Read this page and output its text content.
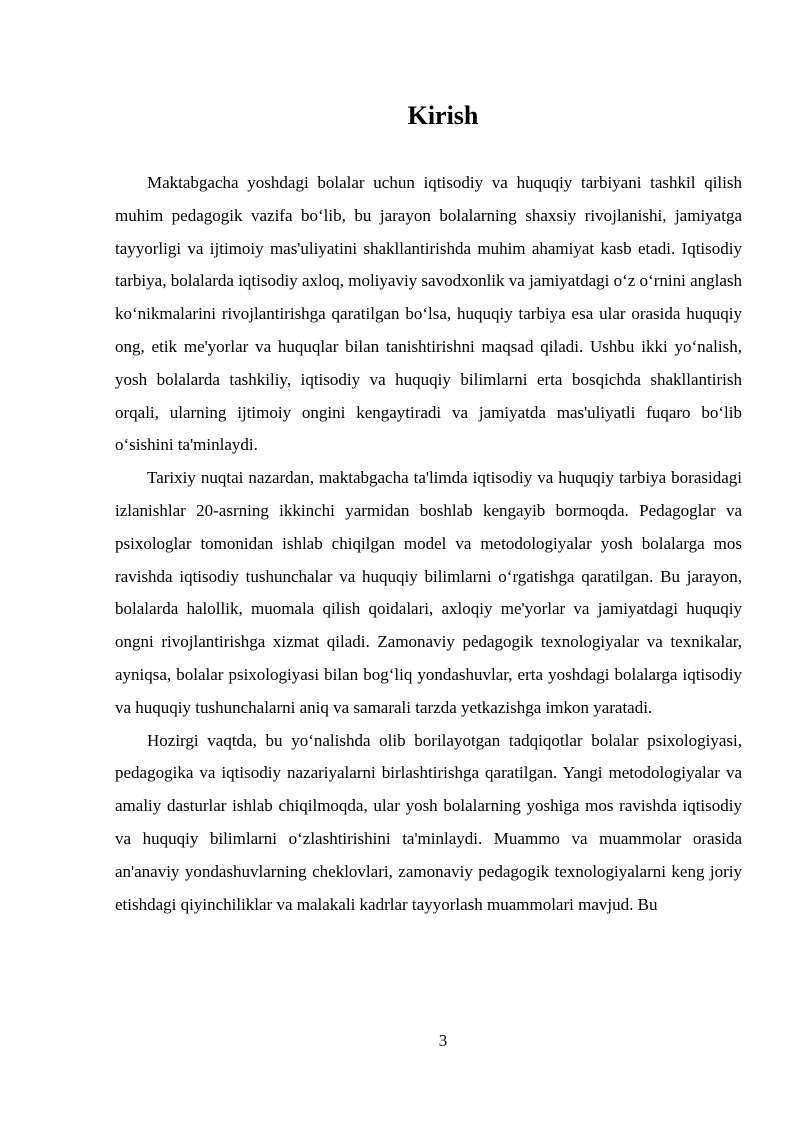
Kirish

Maktabgacha yoshdagi bolalar uchun iqtisodiy va huquqiy tarbiyani tashkil qilish muhim pedagogik vazifa bo‘lib, bu jarayon bolalarning shaxsiy rivojlanishi, jamiyatga tayyorligi va ijtimoiy mas'uliyatini shakllantirishda muhim ahamiyat kasb etadi. Iqtisodiy tarbiya, bolalarda iqtisodiy axloq, moliyaviy savodxonlik va jamiyatdagi o‘z o‘rnini anglash ko‘nikmalarini rivojlantirishga qaratilgan bo‘lsa, huquqiy tarbiya esa ular orasida huquqiy ong, etik me'yorlar va huquqlar bilan tanishtirishni maqsad qiladi. Ushbu ikki yo‘nalish, yosh bolalarda tashkiliy, iqtisodiy va huquqiy bilimlarni erta bosqichda shakllantirish orqali, ularning ijtimoiy ongini kengaytiradi va jamiyatda mas'uliyatli fuqaro bo‘lib o‘sishini ta'minlaydi.

Tarixiy nuqtai nazardan, maktabgacha ta'limda iqtisodiy va huquqiy tarbiya borasidagi izlanishlar 20-asrning ikkinchi yarmidan boshlab kengayib bormoqda. Pedagoglar va psixologlar tomonidan ishlab chiqilgan model va metodologiyalar yosh bolalarga mos ravishda iqtisodiy tushunchalar va huquqiy bilimlarni o‘rgatishga qaratilgan. Bu jarayon, bolalarda halollik, muomala qilish qoidalari, axloqiy me'yorlar va jamiyatdagi huquqiy ongni rivojlantirishga xizmat qiladi. Zamonaviy pedagogik texnologiyalar va texnikalar, ayniqsa, bolalar psixologiyasi bilan bog‘liq yondashuvlar, erta yoshdagi bolalarga iqtisodiy va huquqiy tushunchalarni aniq va samarali tarzda yetkazishga imkon yaratadi.

Hozirgi vaqtda, bu yo‘nalishda olib borilayotgan tadqiqotlar bolalar psixologiyasi, pedagogika va iqtisodiy nazariyalarni birlashtirishga qaratilgan. Yangi metodologiyalar va amaliy dasturlar ishlab chiqilmoqda, ular yosh bolalarning yoshiga mos ravishda iqtisodiy va huquqiy bilimlarni o‘zlashtirishini ta'minlaydi. Muammo va muammolar orasida an'anaviy yondashuvlarning cheklovlari, zamonaviy pedagogik texnologiyalarni keng joriy etishdagi qiyinchiliklar va malakali kadrlar tayyorlash muammolari mavjud. Bu

3
